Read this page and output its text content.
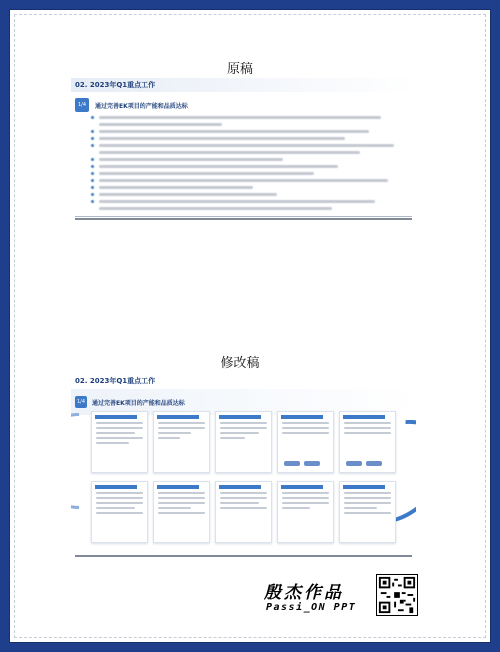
原稿
02. 2023年Q1重点工作
1/4	通过完善EK项目的产能和品质达标
修改稿
02. 2023年Q1重点工作
1/4	通过完善EK项目的产能和品质达标
殷杰作品
Passi_ON PPT
